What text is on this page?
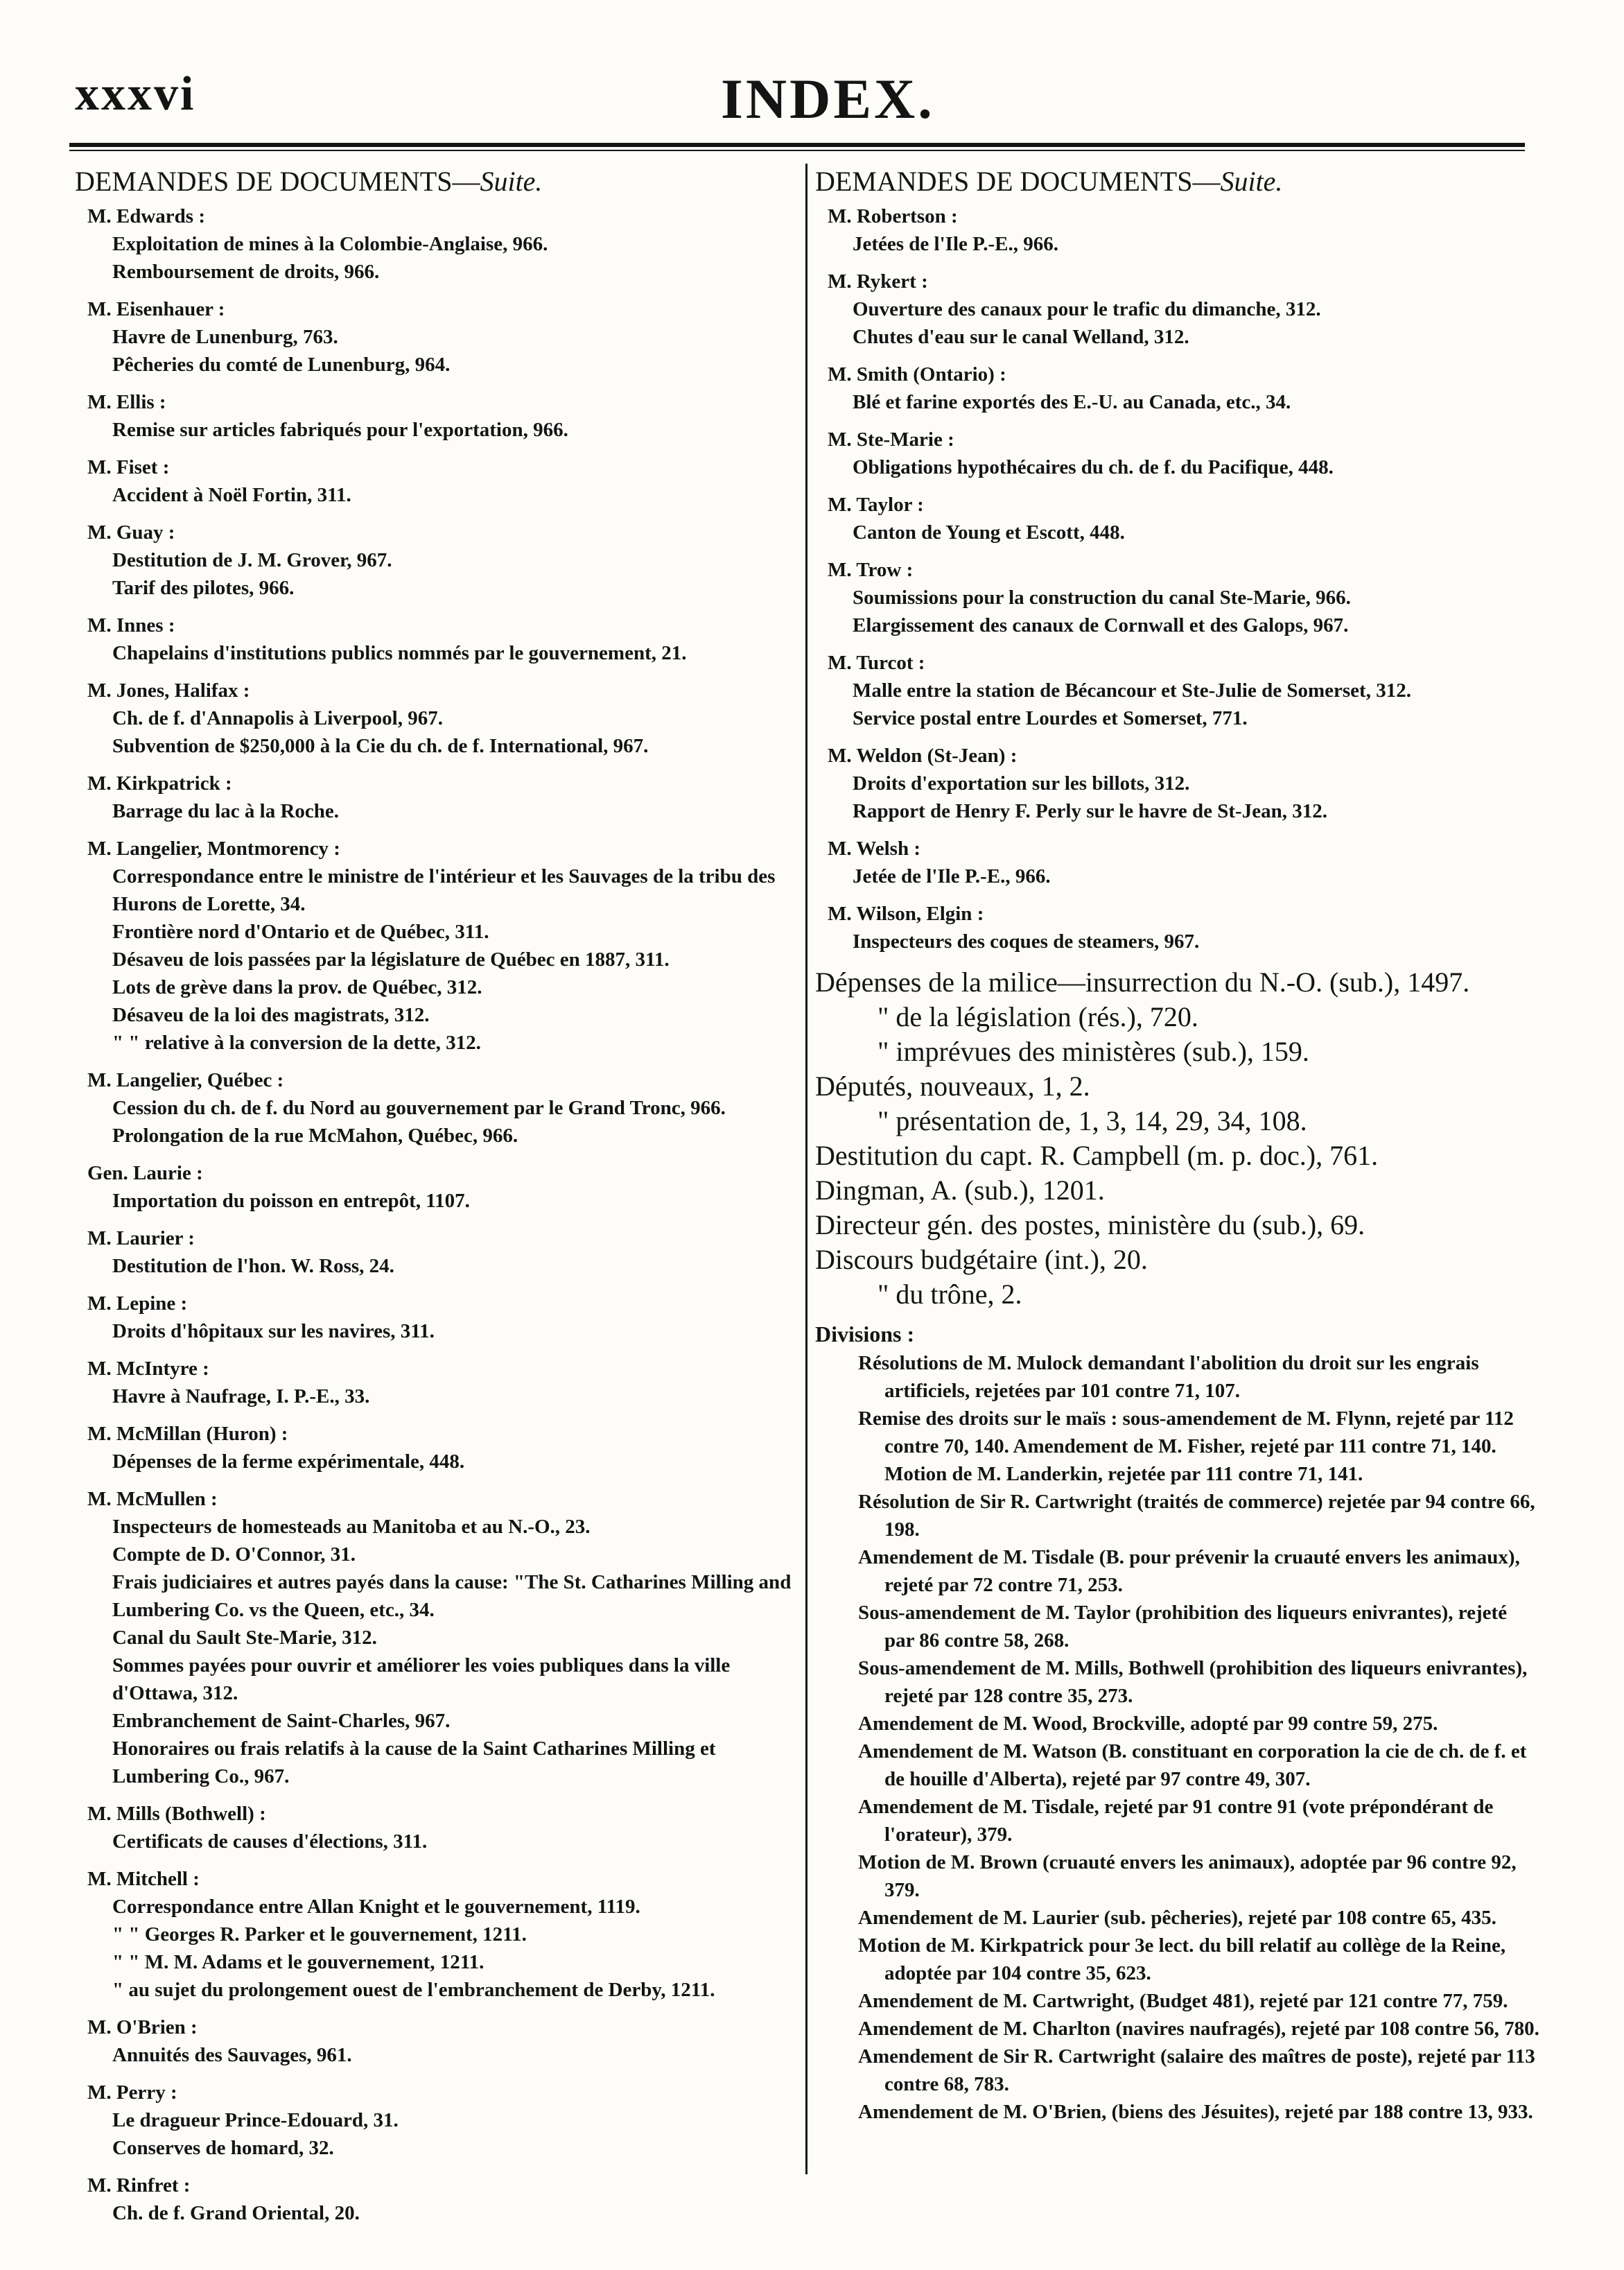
xxxvi	INDEX.
DEMANDES DE DOCUMENTS—Suite.
M. Edwards :
Exploitation de mines à la Colombie-Anglaise, 966.
Remboursement de droits, 966.
M. Eisenhauer :
Havre de Lunenburg, 763.
Pêcheries du comté de Lunenburg, 964.
M. Ellis :
Remise sur articles fabriqués pour l'exportation, 966.
M. Fiset :
Accident à Noël Fortin, 311.
M. Guay :
Destitution de J. M. Grover, 967.
Tarif des pilotes, 966.
M. Innes :
Chapelains d'institutions publics nommés par le gouvernement, 21.
M. Jones, Halifax :
Ch. de f. d'Annapolis à Liverpool, 967.
Subvention de $250,000 à la Cie du ch. de f. International, 967.
M. Kirkpatrick :
Barrage du lac à la Roche.
M. Langelier, Montmorency :
Correspondance entre le ministre de l'intérieur et les Sauvages de la tribu des Hurons de Lorette, 34.
Frontière nord d'Ontario et de Québec, 311.
Désaveu de lois passées par la législature de Québec en 1887, 311.
Lots de grève dans la prov. de Québec, 312.
Désaveu de la loi des magistrats, 312.
" " relative à la conversion de la dette, 312.
M. Langelier, Québec :
Cession du ch. de f. du Nord au gouvernement par le Grand Tronc, 966.
Prolongation de la rue McMahon, Québec, 966.
Gen. Laurie :
Importation du poisson en entrepôt, 1107.
M. Laurier :
Destitution de l'hon. W. Ross, 24.
M. Lepine :
Droits d'hôpitaux sur les navires, 311.
M. McIntyre :
Havre à Naufrage, I. P.-E., 33.
M. McMillan (Huron) :
Dépenses de la ferme expérimentale, 448.
M. McMullen :
Inspecteurs de homesteads au Manitoba et au N.-O., 23.
Compte de D. O'Connor, 31.
Frais judiciaires et autres payés dans la cause: "The St. Catharines Milling and Lumbering Co. vs the Queen, etc., 34.
Canal du Sault Ste-Marie, 312.
Sommes payées pour ouvrir et améliorer les voies publiques dans la ville d'Ottawa, 312.
Embranchement de Saint-Charles, 967.
Honoraires ou frais relatifs à la cause de la Saint Catharines Milling et Lumbering Co., 967.
M. Mills (Bothwell) :
Certificats de causes d'élections, 311.
M. Mitchell :
Correspondance entre Allan Knight et le gouvernement, 1119.
" " Georges R. Parker et le gouvernement, 1211.
" " M. M. Adams et le gouvernement, 1211.
" au sujet du prolongement ouest de l'embranchement de Derby, 1211.
M. O'Brien :
Annuités des Sauvages, 961.
M. Perry :
Le dragueur Prince-Edouard, 31.
Conserves de homard, 32.
M. Rinfret :
Ch. de f. Grand Oriental, 20.
DEMANDES DE DOCUMENTS—Suite.
M. Robertson :
Jetées de l'Ile P.-E., 966.
M. Rykert :
Ouverture des canaux pour le trafic du dimanche, 312.
Chutes d'eau sur le canal Welland, 312.
M. Smith (Ontario) :
Blé et farine exportés des E.-U. au Canada, etc., 34.
M. Ste-Marie :
Obligations hypothécaires du ch. de f. du Pacifique, 448.
M. Taylor :
Canton de Young et Escott, 448.
M. Trow :
Soumissions pour la construction du canal Ste-Marie, 966.
Elargissement des canaux de Cornwall et des Galops, 967.
M. Turcot :
Malle entre la station de Bécancour et Ste-Julie de Somerset, 312.
Service postal entre Lourdes et Somerset, 771.
M. Weldon (St-Jean) :
Droits d'exportation sur les billots, 312.
Rapport de Henry F. Perly sur le havre de St-Jean, 312.
M. Welsh :
Jetée de l'Ile P.-E., 966.
M. Wilson, Elgin :
Inspecteurs des coques de steamers, 967.
Dépenses de la milice—insurrection du N.-O. (sub.), 1497.
" de la législation (rés.), 720.
" imprévues des ministères (sub.), 159.
Députés, nouveaux, 1, 2.
" présentation de, 1, 3, 14, 29, 34, 108.
Destitution du capt. R. Campbell (m. p. doc.), 761.
Dingman, A. (sub.), 1201.
Directeur gén. des postes, ministère du (sub.), 69.
Discours budgétaire (int.), 20.
" du trône, 2.
Divisions :
Résolutions de M. Mulock demandant l'abolition du droit sur les engrais artificiels, rejetées par 101 contre 71, 107.
Remise des droits sur le maïs : sous-amendement de M. Flynn, rejeté par 112 contre 70, 140. Amendement de M. Fisher, rejeté par 111 contre 71, 140. Motion de M. Landerkin, rejetée par 111 contre 71, 141.
Résolution de Sir R. Cartwright (traités de commerce) rejetée par 94 contre 66, 198.
Amendement de M. Tisdale (B. pour prévenir la cruauté envers les animaux), rejeté par 72 contre 71, 253.
Sous-amendement de M. Taylor (prohibition des liqueurs enivrantes), rejeté par 86 contre 58, 268.
Sous-amendement de M. Mills, Bothwell (prohibition des liqueurs enivrantes), rejeté par 128 contre 35, 273.
Amendement de M. Wood, Brockville, adopté par 99 contre 59, 275.
Amendement de M. Watson (B. constituant en corporation la cie de ch. de f. et de houille d'Alberta), rejeté par 97 contre 49, 307.
Amendement de M. Tisdale, rejeté par 91 contre 91 (vote prépondérant de l'orateur), 379.
Motion de M. Brown (cruauté envers les animaux), adoptée par 96 contre 92, 379.
Amendement de M. Laurier (sub. pêcheries), rejeté par 108 contre 65, 435.
Motion de M. Kirkpatrick pour 3e lect. du bill relatif au collège de la Reine, adoptée par 104 contre 35, 623.
Amendement de M. Cartwright, (Budget 481), rejeté par 121 contre 77, 759.
Amendement de M. Charlton (navires naufragés), rejeté par 108 contre 56, 780.
Amendement de Sir R. Cartwright (salaire des maîtres de poste), rejeté par 113 contre 68, 783.
Amendement de M. O'Brien, (biens des Jésuites), rejeté par 188 contre 13, 933.
